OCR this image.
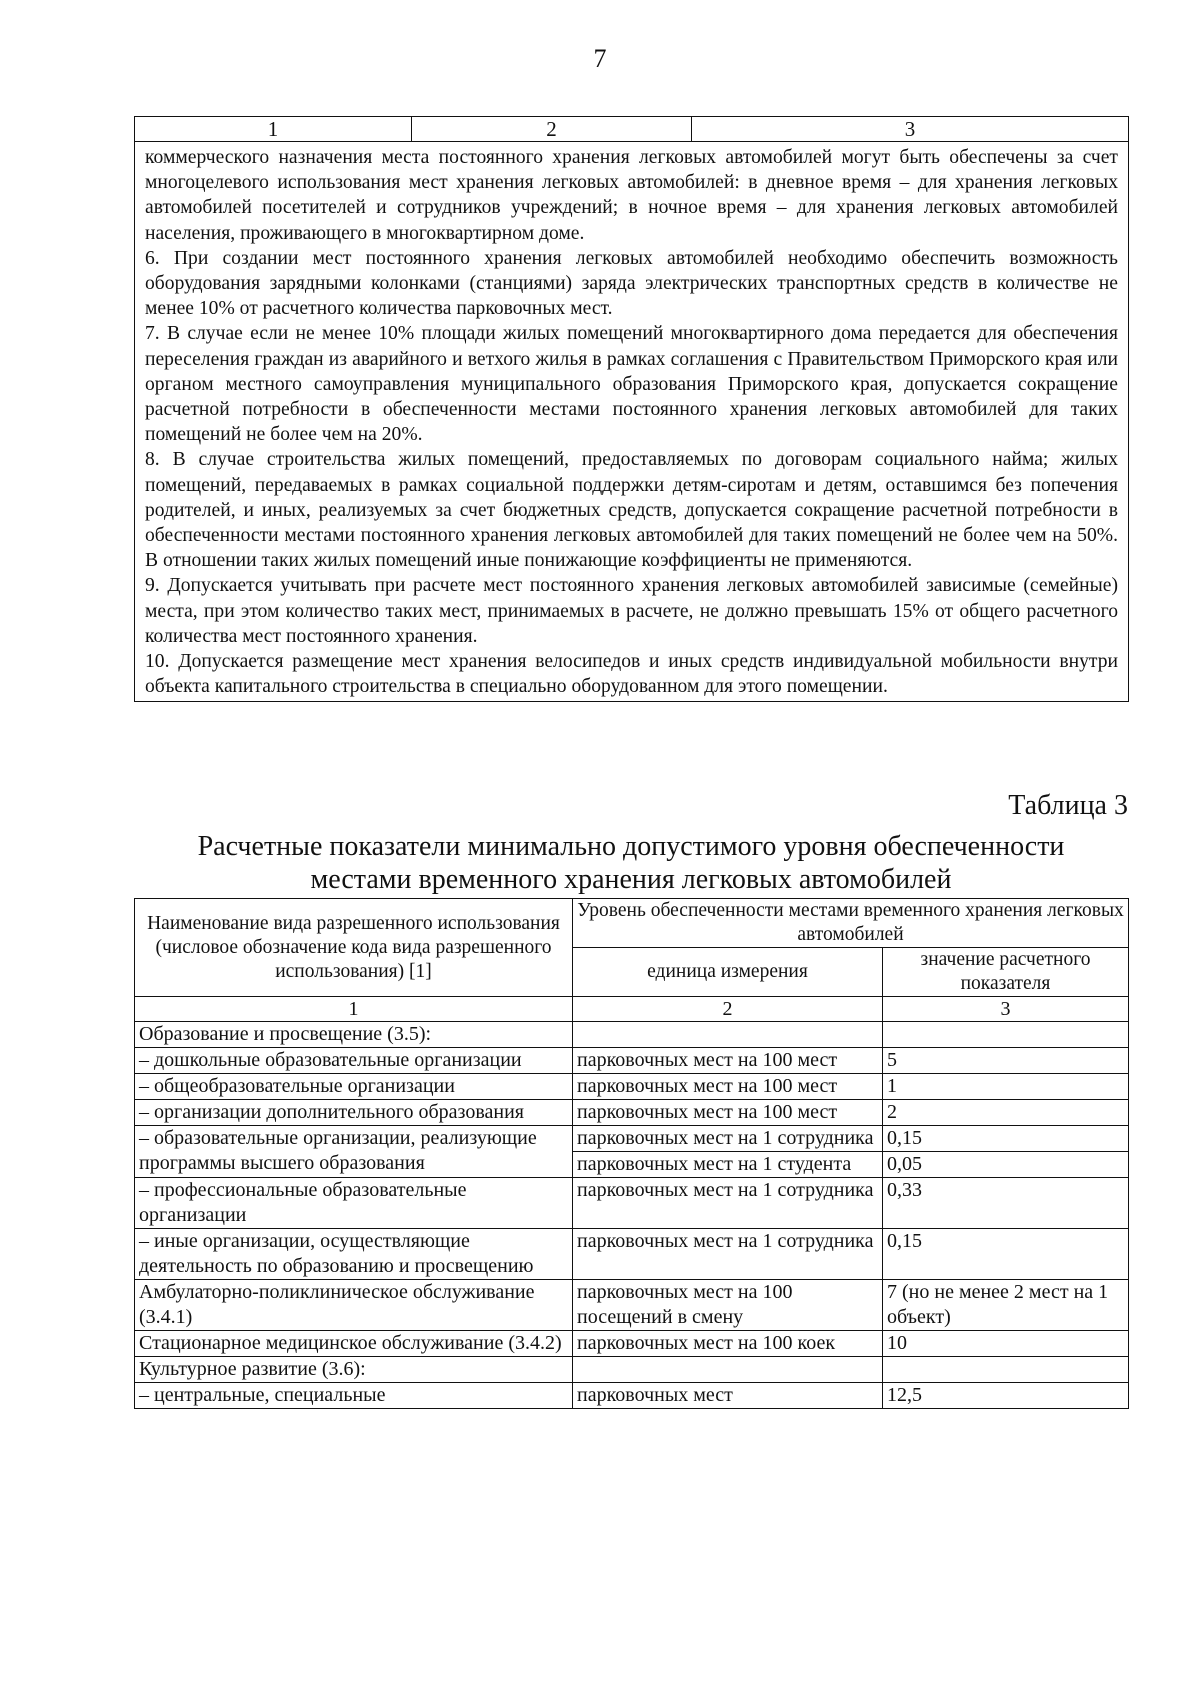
7
1	2	3

коммерческого назначения места постоянного хранения легковых автомобилей могут быть обеспечены за счет многоцелевого использования мест хранения легковых автомобилей: в дневное время – для хранения легковых автомобилей посетителей и сотрудников учреждений; в ночное время – для хранения легковых автомобилей населения, проживающего в многоквартирном доме.

6. При создании мест постоянного хранения легковых автомобилей необходимо обеспечить возможность оборудования зарядными колонками (станциями) заряда электрических транспортных средств в количестве не менее 10% от расчетного количества парковочных мест.

7. В случае если не менее 10% площади жилых помещений многоквартирного дома передается для обеспечения переселения граждан из аварийного и ветхого жилья в рамках соглашения с Правительством Приморского края или органом местного самоуправления муниципального образования Приморского края, допускается сокращение расчетной потребности в обеспеченности местами постоянного хранения легковых автомобилей для таких помещений не более чем на 20%.

8. В случае строительства жилых помещений, предоставляемых по договорам социального найма; жилых помещений, передаваемых в рамках социальной поддержки детям-сиротам и детям, оставшимся без попечения родителей, и иных, реализуемых за счет бюджетных средств, допускается сокращение расчетной потребности в обеспеченности местами постоянного хранения легковых автомобилей для таких помещений не более чем на 50%. В отношении таких жилых помещений иные понижающие коэффициенты не применяются.

9. Допускается учитывать при расчете мест постоянного хранения легковых автомобилей зависимые (семейные) места, при этом количество таких мест, принимаемых в расчете, не должно превышать 15% от общего расчетного количества мест постоянного хранения.

10. Допускается размещение мест хранения велосипедов и иных средств индивидуальной мобильности внутри объекта капитального строительства в специально оборудованном для этого помещении.

Таблица 3
Расчетные показатели минимально допустимого уровня обеспеченности
местами временного хранения легковых автомобилей
Наименование вида разрешенного использования (числовое обозначение кода вида разрешенного использования) [1]	Уровень обеспеченности местами временного хранения легковых автомобилей	
	единица измерения	значение расчетного показателя
1	2	3
Образование и просвещение (3.5):		
– дошкольные образовательные организации	парковочных мест на 100 мест	5
– общеобразовательные организации	парковочных мест на 100 мест	1
– организации дополнительного образования	парковочных мест на 100 мест	2
– образовательные организации, реализующие программы высшего образования	парковочных мест на 1 сотрудника	0,15
	парковочных мест на 1 студента	0,05
– профессиональные образовательные организации	парковочных мест на 1 сотрудника	0,33
– иные организации, осуществляющие деятельность по образованию и просвещению	парковочных мест на 1 сотрудника	0,15
Амбулаторно-поликлиническое обслуживание (3.4.1)	парковочных мест на 100 посещений в смену	7 (но не менее 2 мест на 1 объект)
Стационарное медицинское обслуживание (3.4.2)	парковочных мест на 100 коек	10
Культурное развитие (3.6):		
– центральные, специальные	парковочных мест	12,5
